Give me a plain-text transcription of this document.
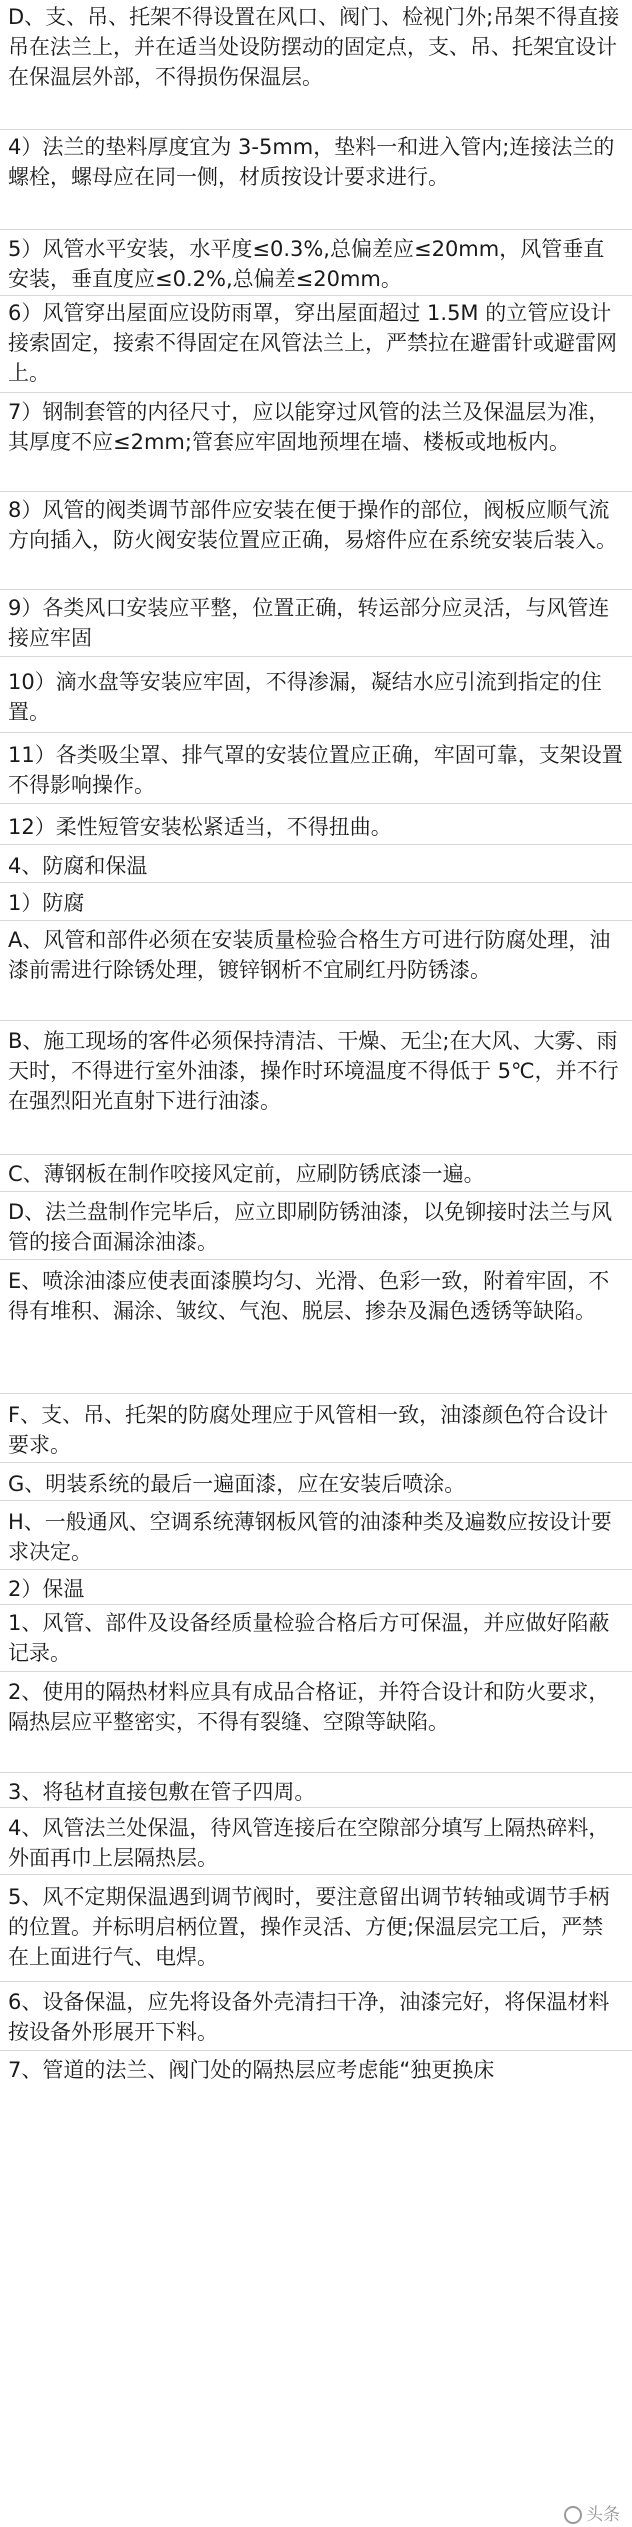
D、支、吊、托架不得设置在风口、阀门、检视门外;吊架不得直接吊在法兰上，并在适当处设防摆动的固定点，支、吊、托架宜设计在保温层外部，不得损伤保温层。

4）法兰的垫料厚度宜为 3-5mm，垫料一和进入管内;连接法兰的螺栓，螺母应在同一侧，材质按设计要求进行。

5）风管水平安装，水平度≤0.3%,总偏差应≤20mm，风管垂直安装，垂直度应≤0.2%,总偏差≤20mm。

6）风管穿出屋面应设防雨罩，穿出屋面超过 1.5M 的立管应设计接索固定，接索不得固定在风管法兰上，严禁拉在避雷针或避雷网上。

7）钢制套管的内径尺寸，应以能穿过风管的法兰及保温层为准，其厚度不应≤2mm;管套应牢固地预埋在墙、楼板或地板内。

8）风管的阀类调节部件应安装在便于操作的部位，阀板应顺气流方向插入，防火阀安装位置应正确，易熔件应在系统安装后装入。

9）各类风口安装应平整，位置正确，转运部分应灵活，与风管连接应牢固

10）滴水盘等安装应牢固，不得渗漏，凝结水应引流到指定的住置。

11）各类吸尘罩、排气罩的安装位置应正确，牢固可靠，支架设置不得影响操作。

12）柔性短管安装松紧适当，不得扭曲。

4、防腐和保温

1）防腐

A、风管和部件必须在安装质量检验合格生方可进行防腐处理，油漆前需进行除锈处理，镀锌钢析不宜刷红丹防锈漆。

B、施工现场的客件必须保持清洁、干燥、无尘;在大风、大雾、雨天时，不得进行室外油漆，操作时环境温度不得低于 5℃，并不行在强烈阳光直射下进行油漆。

C、薄钢板在制作咬接风定前，应刷防锈底漆一遍。

D、法兰盘制作完毕后，应立即刷防锈油漆，以免铆接时法兰与风管的接合面漏涂油漆。

E、喷涂油漆应使表面漆膜均匀、光滑、色彩一致，附着牢固，不得有堆积、漏涂、皱纹、气泡、脱层、掺杂及漏色透锈等缺陷。

F、支、吊、托架的防腐处理应于风管相一致，油漆颜色符合设计要求。

G、明装系统的最后一遍面漆，应在安装后喷涂。

H、一般通风、空调系统薄钢板风管的油漆种类及遍数应按设计要求决定。

2）保温

1、风管、部件及设备经质量检验合格后方可保温，并应做好陷蔽记录。

2、使用的隔热材料应具有成品合格证，并符合设计和防火要求，隔热层应平整密实，不得有裂缝、空隙等缺陷。

3、将毡材直接包敷在管子四周。

4、风管法兰处保温，待风管连接后在空隙部分填写上隔热碎料，外面再巾上层隔热层。

5、风不定期保温遇到调节阀时，要注意留出调节转轴或调节手柄的位置。并标明启柄位置，操作灵活、方便;保温层完工后，严禁在上面进行气、电焊。

6、设备保温，应先将设备外壳清扫干净，油漆完好，将保温材料按设备外形展开下料。

7、管道的法兰、阀门处的隔热层应考虑能“独更换床

头条
